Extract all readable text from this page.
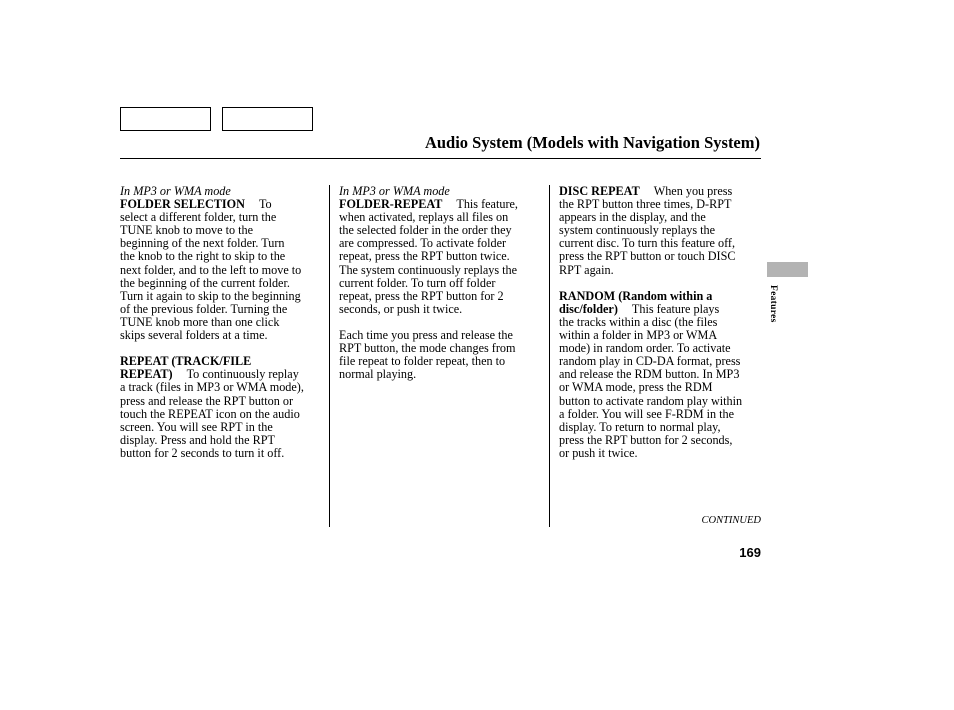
Audio System (Models with Navigation System)

In MP3 or WMA mode
FOLDER SELECTION To
select a different folder, turn the
TUNE knob to move to the
beginning of the next folder. Turn
the knob to the right to skip to the
next folder, and to the left to move to
the beginning of the current folder.
Turn it again to skip to the beginning
of the previous folder. Turning the
TUNE knob more than one click
skips several folders at a time.

REPEAT (TRACK/FILE
REPEAT) To continuously replay
a track (files in MP3 or WMA mode),
press and release the RPT button or
touch the REPEAT icon on the audio
screen. You will see RPT in the
display. Press and hold the RPT
button for 2 seconds to turn it off.

In MP3 or WMA mode
FOLDER-REPEAT This feature,
when activated, replays all files on
the selected folder in the order they
are compressed. To activate folder
repeat, press the RPT button twice.
The system continuously replays the
current folder. To turn off folder
repeat, press the RPT button for 2
seconds, or push it twice.

Each time you press and release the
RPT button, the mode changes from
file repeat to folder repeat, then to
normal playing.

DISC REPEAT When you press
the RPT button three times, D-RPT
appears in the display, and the
system continuously replays the
current disc. To turn this feature off,
press the RPT button or touch DISC
RPT again.

RANDOM (Random within a
disc/folder) This feature plays
the tracks within a disc (the files
within a folder in MP3 or WMA
mode) in random order. To activate
random play in CD-DA format, press
and release the RDM button. In MP3
or WMA mode, press the RDM
button to activate random play within
a folder. You will see F-RDM in the
display. To return to normal play,
press the RPT button for 2 seconds,
or push it twice.

Features
CONTINUED
169
